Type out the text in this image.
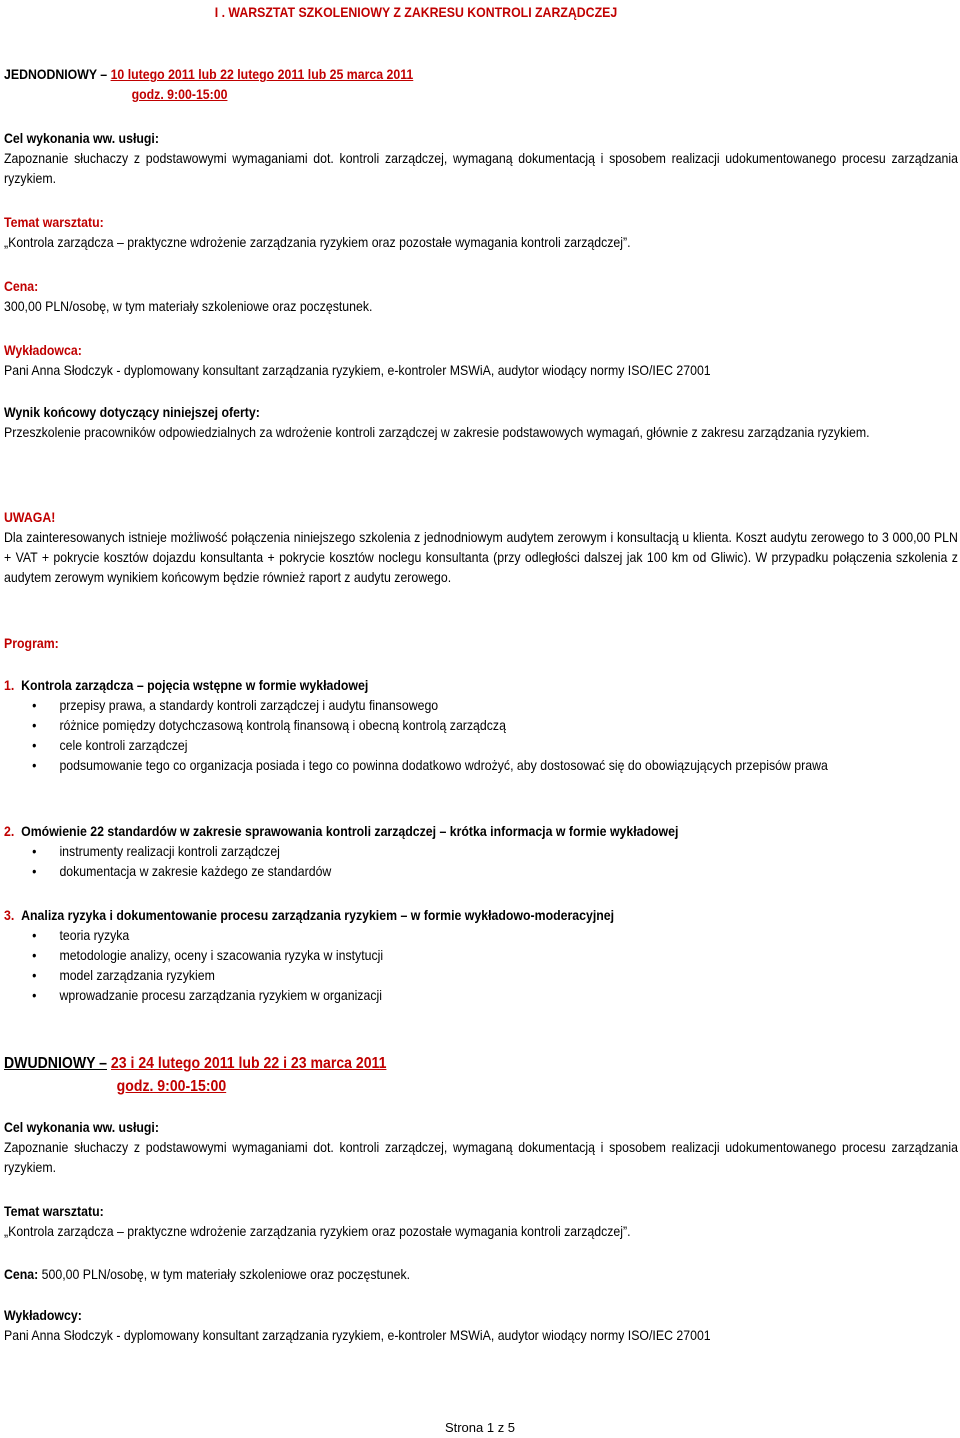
I . WARSZTAT SZKOLENIOWY Z ZAKRESU KONTROLI ZARZĄDCZEJ

JEDNODNIOWY – 10 lutego 2011 lub 22 lutego 2011 lub 25 marca 2011

godz. 9:00-15:00

Cel wykonania ww. usługi:

Zapoznanie słuchaczy z podstawowymi wymaganiami dot. kontroli zarządczej, wymaganą dokumentacją i sposobem realizacji udokumentowanego procesu zarządzania ryzykiem.

Temat warsztatu:

„Kontrola zarządcza – praktyczne wdrożenie zarządzania ryzykiem oraz pozostałe wymagania kontroli zarządczej”.

Cena:

300,00 PLN/osobę, w tym materiały szkoleniowe oraz poczęstunek.

Wykładowca:

Pani Anna Słodczyk - dyplomowany konsultant zarządzania ryzykiem, e-kontroler MSWiA, audytor wiodący normy ISO/IEC 27001

Wynik końcowy dotyczący niniejszej oferty:

Przeszkolenie pracowników odpowiedzialnych za wdrożenie kontroli zarządczej w zakresie podstawowych wymagań, głównie z zakresu zarządzania ryzykiem.

UWAGA!

Dla zainteresowanych istnieje możliwość połączenia niniejszego szkolenia z jednodniowym audytem zerowym i konsultacją u klienta. Koszt audytu zerowego to 3 000,00 PLN + VAT + pokrycie kosztów dojazdu konsultanta + pokrycie kosztów noclegu konsultanta (przy odległości dalszej jak 100 km od Gliwic). W przypadku połączenia szkolenia z audytem zerowym wynikiem końcowym będzie również raport z audytu zerowego.

Program:

1. Kontrola zarządcza – pojęcia wstępne w formie wykładowej

• przepisy prawa, a standardy kontroli zarządczej i audytu finansowego
• różnice pomiędzy dotychczasową kontrolą finansową i obecną kontrolą zarządczą
• cele kontroli zarządczej
• podsumowanie tego co organizacja posiada i tego co powinna dodatkowo wdrożyć, aby dostosować się do obowiązujących przepisów prawa

2. Omówienie 22 standardów w zakresie sprawowania kontroli zarządczej – krótka informacja w formie wykładowej

• instrumenty realizacji kontroli zarządczej
• dokumentacja w zakresie każdego ze standardów

3. Analiza ryzyka i dokumentowanie procesu zarządzania ryzykiem – w formie wykładowo-moderacyjnej

• teoria ryzyka
• metodologie analizy, oceny i szacowania ryzyka w instytucji
• model zarządzania ryzykiem
• wprowadzanie procesu zarządzania ryzykiem w organizacji

DWUDNIOWY – 23 i 24 lutego 2011 lub 22 i 23 marca 2011

godz. 9:00-15:00

Cel wykonania ww. usługi:

Zapoznanie słuchaczy z podstawowymi wymaganiami dot. kontroli zarządczej, wymaganą dokumentacją i sposobem realizacji udokumentowanego procesu zarządzania ryzykiem.

Temat warsztatu:

„Kontrola zarządcza – praktyczne wdrożenie zarządzania ryzykiem oraz pozostałe wymagania kontroli zarządczej”.

Cena: 500,00 PLN/osobę, w tym materiały szkoleniowe oraz poczęstunek.

Wykładowcy:

Pani Anna Słodczyk - dyplomowany konsultant zarządzania ryzykiem, e-kontroler MSWiA, audytor wiodący normy ISO/IEC 27001

Strona 1 z 5
